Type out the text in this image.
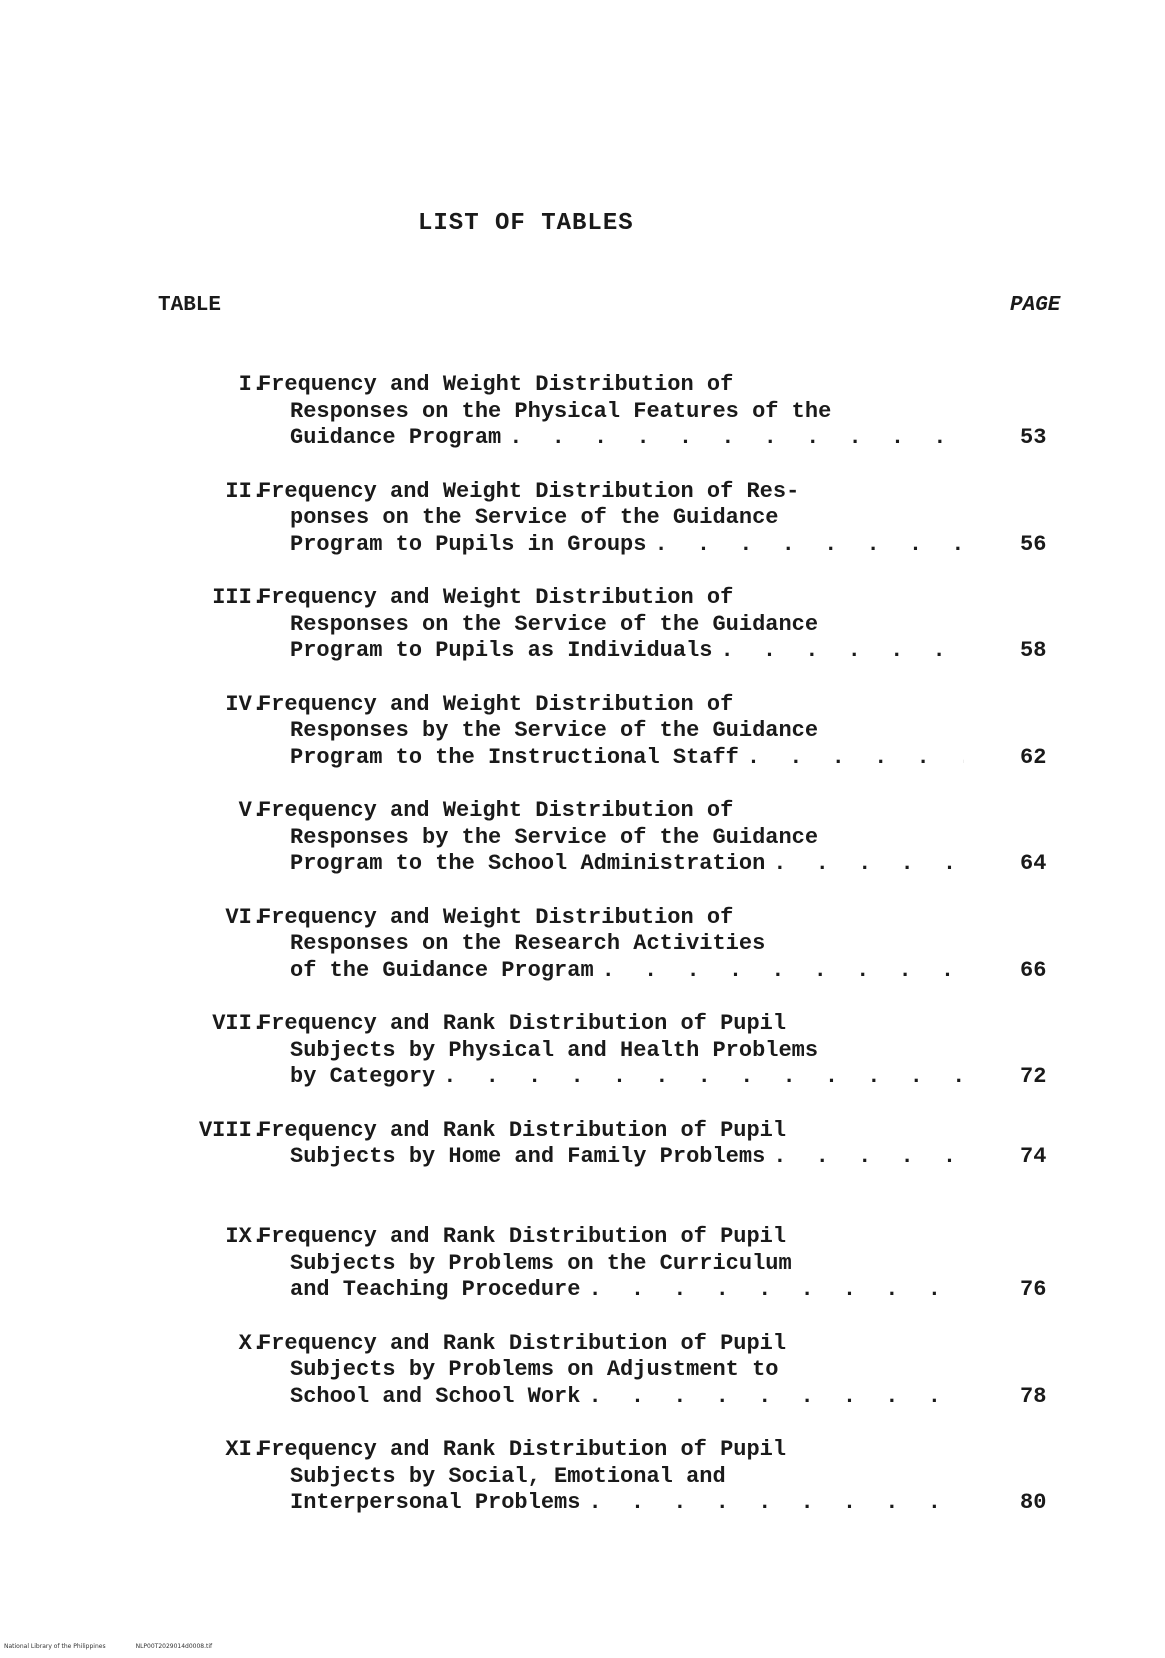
LIST OF TABLES
TABLE	PAGE
I.
Frequency and Weight Distribution of
Responses on the Physical Features of the
Guidance Program . . .	53
II.
Frequency and Weight Distribution of Res-
ponses on the Service of the Guidance
Program to Pupils in Groups . . .	56
III.
Frequency and Weight Distribution of
Responses on the Service of the Guidance
Program to Pupils as Individuals . . .	58
IV.
Frequency and Weight Distribution of
Responses by the Service of the Guidance
Program to the Instructional Staff . . .	62
V.
Frequency and Weight Distribution of
Responses by the Service of the Guidance
Program to the School Administration . . .	64
VI.
Frequency and Weight Distribution of
Responses on the Research Activities
of the Guidance Program . . .	66
VII.
Frequency and Rank Distribution of Pupil
Subjects by Physical and Health Problems
by Category . . .	72
VIII.
Frequency and Rank Distribution of Pupil
Subjects by Home and Family Problems . . .	74
IX.
Frequency and Rank Distribution of Pupil
Subjects by Problems on the Curriculum
and Teaching Procedure . . .	76
X.
Frequency and Rank Distribution of Pupil
Subjects by Problems on Adjustment to
School and School Work . . .	78
XI.
Frequency and Rank Distribution of Pupil
Subjects by Social, Emotional and
Interpersonal Problems . . .	80
National Library of the Philippines	NLP00T2029014d0008.tif
